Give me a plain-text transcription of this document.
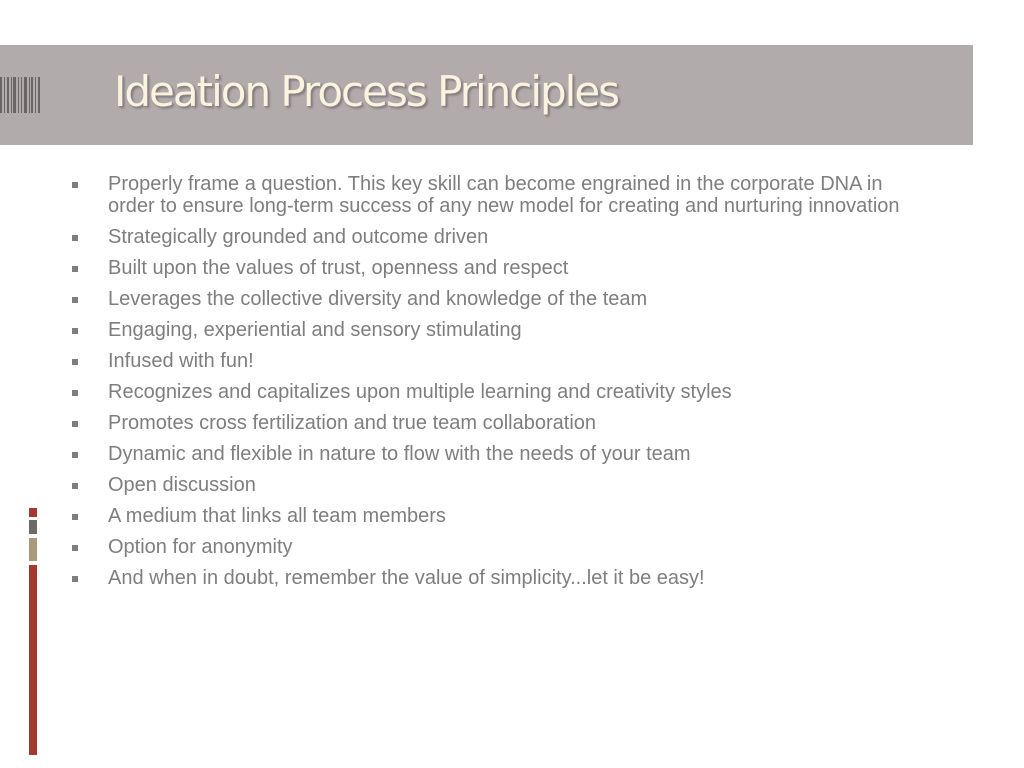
Ideation Process Principles
Properly frame a question. This key skill can become engrained in the corporate DNA in order to ensure long-term success of any new model for creating and nurturing innovation
Strategically grounded and outcome driven
Built upon the values of trust, openness and respect
Leverages the collective diversity and knowledge of the team
Engaging, experiential and sensory stimulating
Infused with fun!
Recognizes and capitalizes upon multiple learning and creativity styles
Promotes cross fertilization and true team collaboration
Dynamic and flexible in nature to flow with the needs of your team
Open discussion
A medium that links all team members
Option for anonymity
And when in doubt, remember the value of simplicity...let it be easy!
